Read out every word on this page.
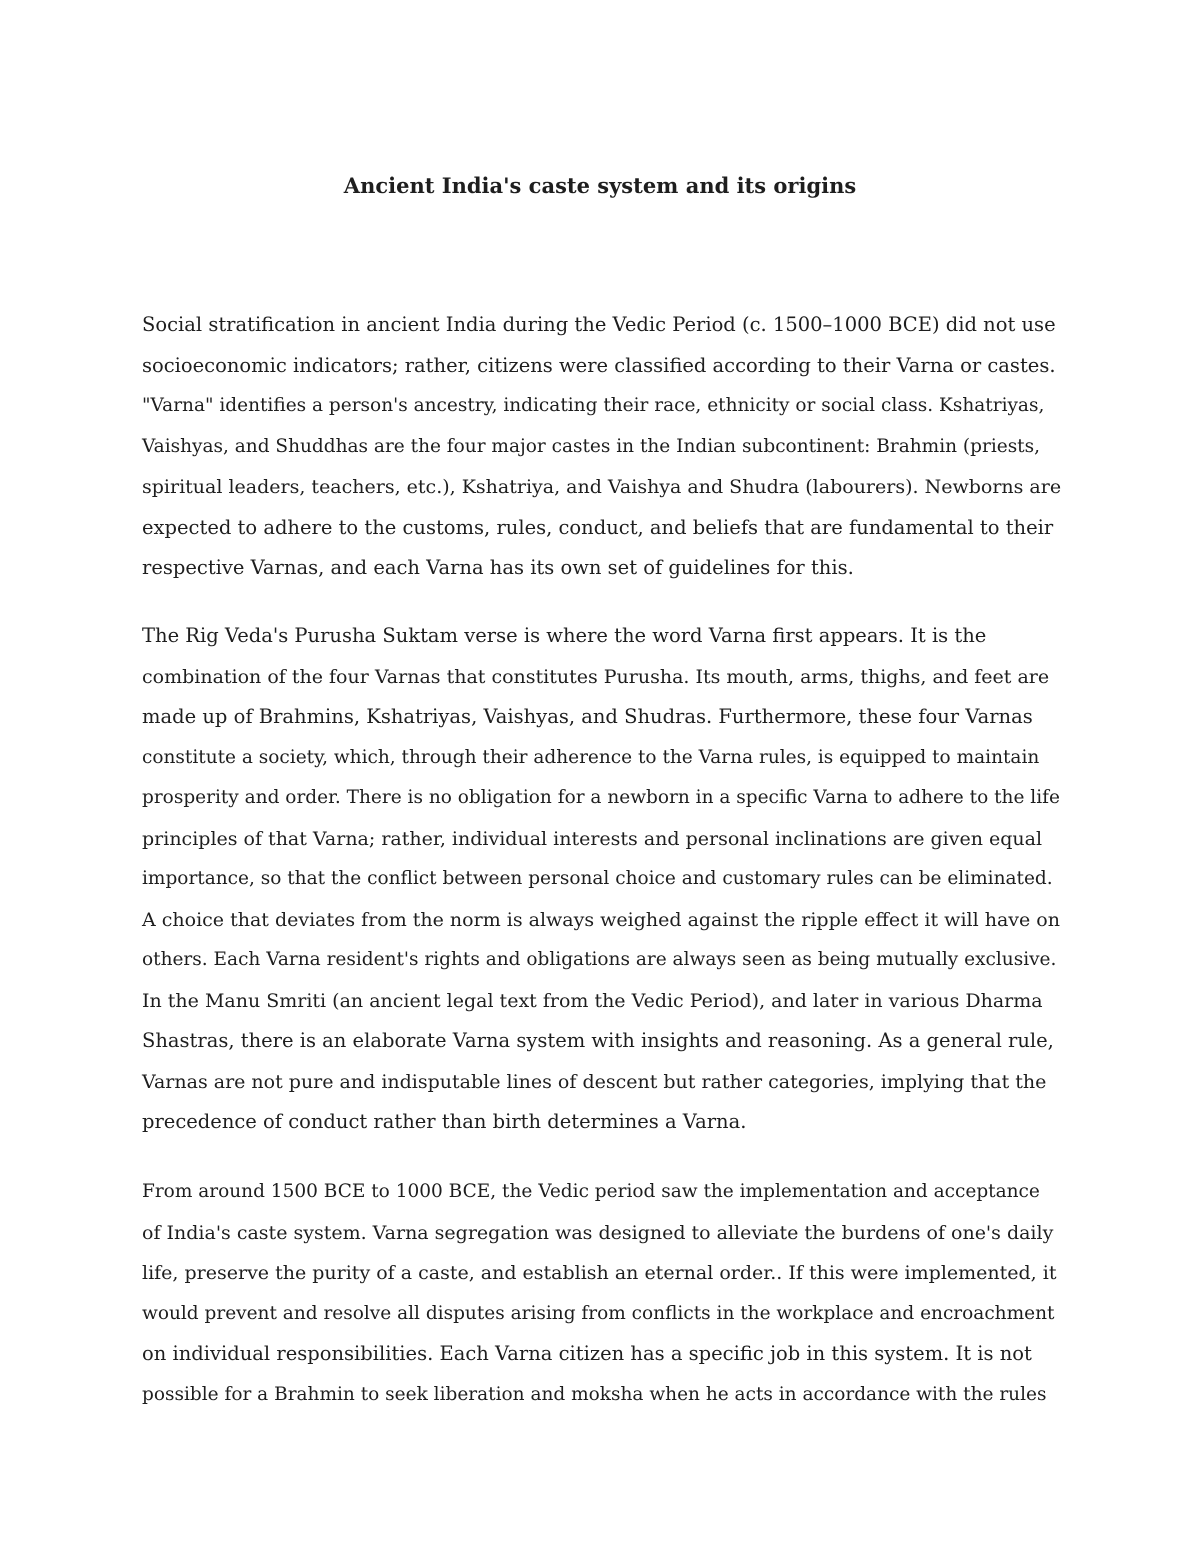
Ancient India's caste system and its origins

Social stratification in ancient India during the Vedic Period (c. 1500–1000 BCE) did not use
socioeconomic indicators; rather, citizens were classified according to their Varna or castes.
"Varna" identifies a person's ancestry, indicating their race, ethnicity or social class. Kshatriyas,
Vaishyas, and Shuddhas are the four major castes in the Indian subcontinent: Brahmin (priests,
spiritual leaders, teachers, etc.), Kshatriya, and Vaishya and Shudra (labourers). Newborns are
expected to adhere to the customs, rules, conduct, and beliefs that are fundamental to their
respective Varnas, and each Varna has its own set of guidelines for this.

The Rig Veda's Purusha Suktam verse is where the word Varna first appears. It is the
combination of the four Varnas that constitutes Purusha. Its mouth, arms, thighs, and feet are
made up of Brahmins, Kshatriyas, Vaishyas, and Shudras. Furthermore, these four Varnas
constitute a society, which, through their adherence to the Varna rules, is equipped to maintain
prosperity and order. There is no obligation for a newborn in a specific Varna to adhere to the life
principles of that Varna; rather, individual interests and personal inclinations are given equal
importance, so that the conflict between personal choice and customary rules can be eliminated.
A choice that deviates from the norm is always weighed against the ripple effect it will have on
others. Each Varna resident's rights and obligations are always seen as being mutually exclusive.
In the Manu Smriti (an ancient legal text from the Vedic Period), and later in various Dharma
Shastras, there is an elaborate Varna system with insights and reasoning. As a general rule,
Varnas are not pure and indisputable lines of descent but rather categories, implying that the
precedence of conduct rather than birth determines a Varna.

From around 1500 BCE to 1000 BCE, the Vedic period saw the implementation and acceptance
of India's caste system. Varna segregation was designed to alleviate the burdens of one's daily
life, preserve the purity of a caste, and establish an eternal order.. If this were implemented, it
would prevent and resolve all disputes arising from conflicts in the workplace and encroachment
on individual responsibilities. Each Varna citizen has a specific job in this system. It is not
possible for a Brahmin to seek liberation and moksha when he acts in accordance with the rules
